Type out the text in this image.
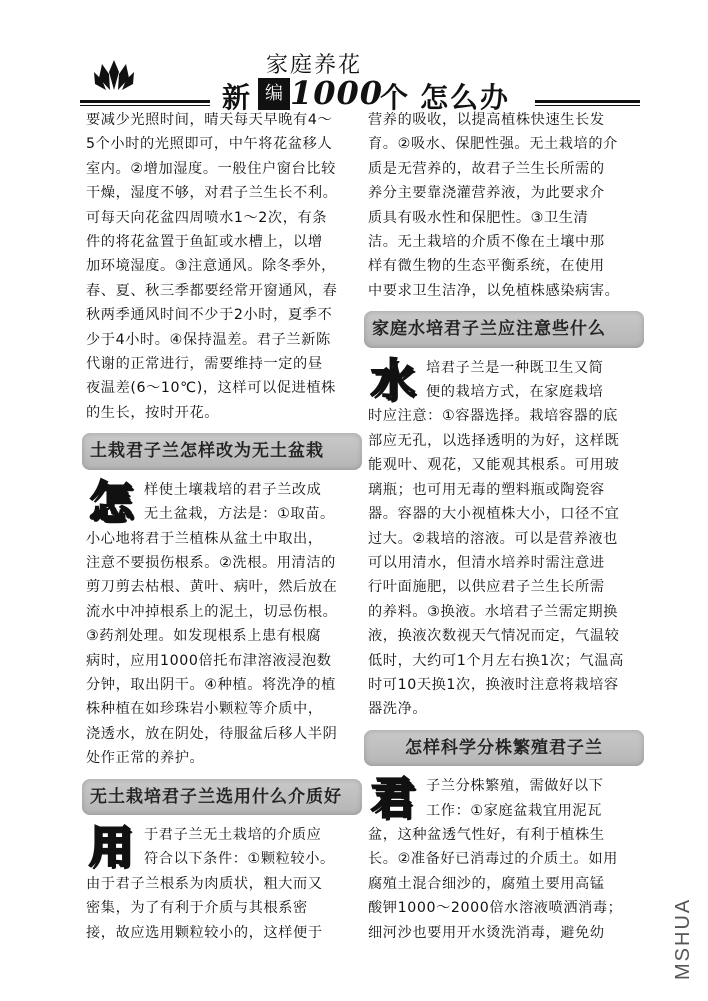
家庭养花
新 编 1000
个 怎么办
要减少光照时间，晴天每天早晚有4～
5个小时的光照即可，中午将花盆移人
室内。②增加湿度。一般住户窗台比较
干燥，湿度不够，对君子兰生长不利。
可每天向花盆四周喷水1～2次，有条
件的将花盆置于鱼缸或水槽上，以增
加环境湿度。③注意通风。除冬季外，
春、夏、秋三季都要经常开窗通风，春
秋两季通风时间不少于2小时，夏季不
少于4小时。④保持温差。君子兰新陈
代谢的正常进行，需要维持一定的昼
夜温差(6～10℃)，这样可以促进植株
的生长，按时开花。
土栽君子兰怎样改为无土盆栽
怎 样使土壤栽培的君子兰改成
无土盆栽，方法是：①取苗。
小心地将君于兰植株从盆土中取出，
注意不要损伤根系。②洗根。用清洁的
剪刀剪去枯根、黄叶、病叶，然后放在
流水中冲掉根系上的泥土，切忌伤根。
③药剂处理。如发现根系上患有根腐
病时，应用1000倍托布津溶液浸泡数
分钟，取出阴干。④种植。将洗净的植
株种植在如珍珠岩小颗粒等介质中，
浇透水，放在阴处，待服盆后移人半阴
处作正常的养护。
无土栽培君子兰选用什么介质好
用 于君子兰无土栽培的介质应
符合以下条件：①颗粒较小。
由于君子兰根系为肉质状，粗大而又
密集，为了有利于介质与其根系密
接，故应选用颗粒较小的，这样便于
营养的吸收，以提高植株快速生长发
育。②吸水、保肥性强。无土栽培的介
质是无营养的，故君子兰生长所需的
养分主要靠浇灌营养液，为此要求介
质具有吸水性和保肥性。③卫生清
洁。无土栽培的介质不像在土壤中那
样有微生物的生态平衡系统，在使用
中要求卫生洁净，以免植株感染病害。
家庭水培君子兰应注意些什么
水 培君子兰是一种既卫生又简
便的栽培方式，在家庭栽培
时应注意：①容器选择。栽培容器的底
部应无孔，以选择透明的为好，这样既
能观叶、观花，又能观其根系。可用玻
璃瓶；也可用无毒的塑料瓶或陶瓷容
器。容器的大小视植株大小，口径不宜
过大。②栽培的溶液。可以是营养液也
可以用清水，但清水培养时需注意进
行叶面施肥，以供应君子兰生长所需
的养料。③换液。水培君子兰需定期换
液，换液次数视天气情况而定，气温较
低时，大约可1个月左右换1次；气温高
时可10天换1次，换液时注意将栽培容
器洗净。
怎样科学分株繁殖君子兰
君 子兰分株繁殖，需做好以下
工作：①家庭盆栽宜用泥瓦
盆，这种盆透气性好，有利于植株生
长。②准备好已消毒过的介质土。如用
腐殖土混合细沙的，腐殖土要用高锰
酸钾1000～2000倍水溶液喷洒消毒；
细河沙也要用开水烫洗消毒，避免幼	MSHUA
